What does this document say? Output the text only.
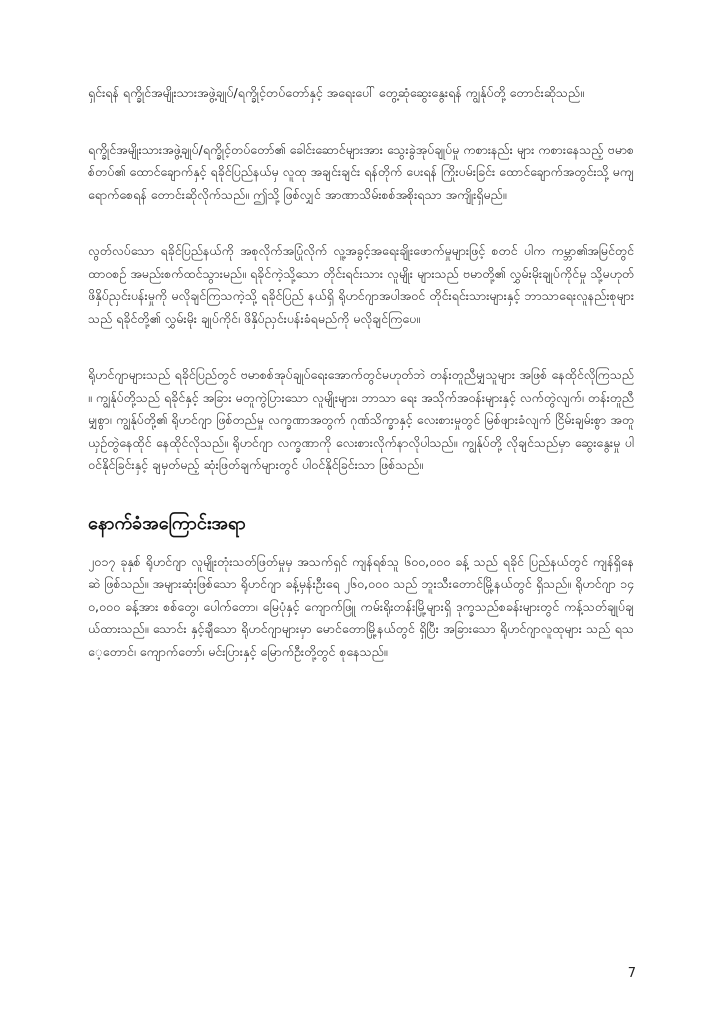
ရှင်းရန် ရက္ခိုင်အမျိုးသားအဖွဲ့ချုပ်/ရက္ခိုင့်တပ်တော်နှင့် အရေးပေါ် တွေ့ဆုံဆွေးနွေးရန် ကျွန်ုပ်တို့ တောင်းဆိုသည်။

ရက္ခိုင်အမျိုးသားအဖွဲ့ချုပ်/ရက္ခိုင့်တပ်တော်၏ ခေါင်းဆောင်များအား သွေးခွဲအုပ်ချုပ်မှု ကစားနည်း များ ကစားနေသည့် ဗမာစစ်တပ်၏ ထောင်ချောက်နှင့် ရခိုင်ပြည်နယ်မှ လူထု အချင်းချင်း ရန်တိုက် ပေးရန် ကြိုးပမ်းခြင်း ထောင်ချောက်အတွင်းသို့ မကျရောက်စေရန် တောင်းဆိုလိုက်သည်။ ဤသို့ ဖြစ်လျှင် အာဏာသိမ်းစစ်အစိုးရသာ အကျိုးရှိမည်။

လွတ်လပ်သော ရခိုင်ပြည်နယ်ကို အစုလိုက်အပြုံလိုက် လူ့အခွင့်အရေးချိုးဖောက်မှုများဖြင့် စတင် ပါက ကမ္ဘာ၏အမြင်တွင် ထာဝစဉ် အမည်းစက်ထင်သွားမည်။ ရခိုင်ကဲ့သို့သော တိုင်းရင်းသား လူမျိုး များသည် ဗမာတို့၏ လွှမ်းမိုးချုပ်ကိုင်မှု သို့မဟုတ် ဖိနှိပ်ညှင်းပန်းမှုကို မလိုချင်ကြသကဲ့သို့ ရခိုင်ပြည် နယ်ရှိ ရိုဟင်ဂျာအပါအဝင် တိုင်းရင်းသားများနှင့် ဘာသာရေးလူနည်းစုများသည် ရခိုင်တို့၏ လွှမ်းမိုး ချုပ်ကိုင်၊ ဖိနှိပ်ညှင်းပန်းခံရမည်ကို မလိုချင်ကြပေ။

ရိုဟင်ဂျာများသည် ရခိုင်ပြည်တွင် ဗမာစစ်အုပ်ချုပ်ရေးအောက်တွင်မဟုတ်ဘဲ တန်းတူညီမျှသူများ အဖြစ် နေထိုင်လိုကြသည်။ ကျွန်ုပ်တို့သည် ရခိုင်နှင့် အခြား မတူကွဲပြားသော လူမျိုးများ၊ ဘာသာ ရေး အသိုက်အဝန်းများနှင့် လက်တွဲလျက်၊ တန်းတူညီမျှစွာ၊ ကျွန်ုပ်တို့၏ ရိုဟင်ဂျာ ဖြစ်တည်မှု လက္ခဏာအတွက် ဂုဏ်သိက္ခာနှင့် လေးစားမှုတွင် မြစ်ဖျားခံလျက် ငြိမ်းချမ်းစွာ အတူယှဉ်တွဲနေထိုင် နေထိုင်လိုသည်။ ရိုဟင်ဂျာ လက္ခဏာကို လေးစားလိုက်နာလိုပါသည်။ ကျွန်ုပ်တို့ လိုချင်သည်မှာ ဆွေးနွေးမှု ပါဝင်နိုင်ခြင်းနှင့် ချမှတ်မည့် ဆုံးဖြတ်ချက်များတွင် ပါဝင်နိုင်ခြင်းသာ ဖြစ်သည်။

နောက်ခံအကြောင်းအရာ

၂၀၁၇ ခုနှစ် ရိုဟင်ဂျာ လူမျိုးတုံးသတ်ဖြတ်မှုမှ အသက်ရှင် ကျန်ရစ်သူ ၆၀၀,၀၀၀ ခန့် သည် ရခိုင် ပြည်နယ်တွင် ကျန်ရှိနေဆဲ ဖြစ်သည်။ အများဆုံးဖြစ်သော ရိုဟင်ဂျာ ခန့်မှန်းဦးရေ ၂၆၀,၀၀၀ သည် ဘူးသီးတောင်မြို့နယ်တွင် ရှိသည်။ ရိုဟင်ဂျာ ၁၄၀,၀၀၀ ခန့်အား စစ်တွေ၊ ပေါက်တော၊ မြေပုံနှင့် ကျောက်ဖြူ ကမ်းရိုးတန်းမြို့များရှိ ဒုက္ခသည်စခန်းများတွင် ကန့်သတ်ချုပ်ချယ်ထားသည်။ သောင်း နှင့်ချီသော ရိုဟင်ဂျာများမှာ မောင်တောမြို့နယ်တွင် ရှိပြီး အခြားသော ရိုဟင်ဂျာလူထုများ သည် ရသေ့တောင်၊ ကျောက်တော်၊ မင်းပြားနှင့် မြောက်ဦးတို့တွင် စုနေသည်။

7
